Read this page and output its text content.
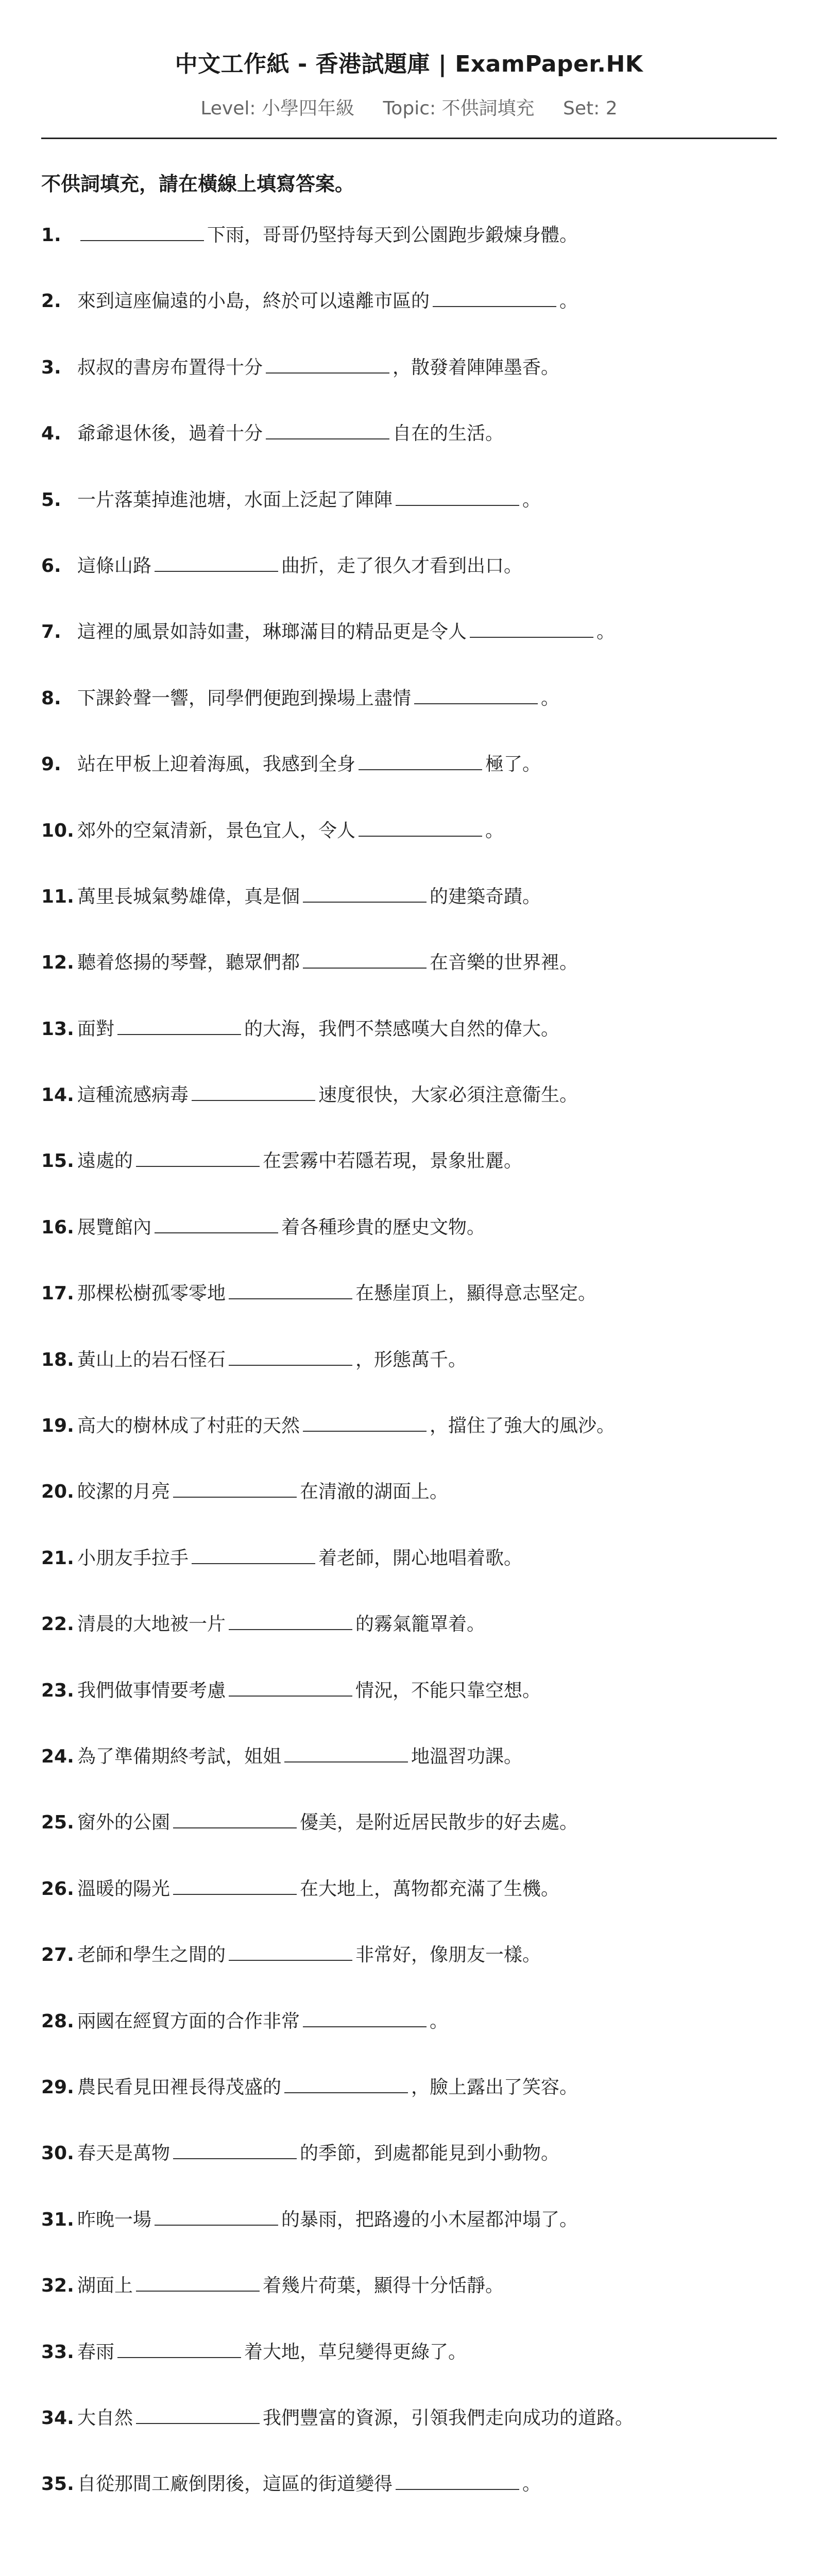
中文工作紙 - 香港試題庫 | ExamPaper.HK
Level: 小學四年級 Topic: 不供詞填充 Set: 2
不供詞填充，請在橫線上填寫答案。
1.	下雨，哥哥仍堅持每天到公園跑步鍛煉身體。
2. 來到這座偏遠的小島，終於可以遠離市區的	。
3. 叔叔的書房布置得十分	，散發着陣陣墨香。
4. 爺爺退休後，過着十分	自在的生活。
5. 一片落葉掉進池塘，水面上泛起了陣陣	。
6. 這條山路	曲折，走了很久才看到出口。
7. 這裡的風景如詩如畫，琳瑯滿目的精品更是令人	。
8. 下課鈴聲一響，同學們便跑到操場上盡情	。
9. 站在甲板上迎着海風，我感到全身	極了。
10. 郊外的空氣清新，景色宜人，令人	。
11. 萬里長城氣勢雄偉，真是個	的建築奇蹟。
12. 聽着悠揚的琴聲，聽眾們都	在音樂的世界裡。
13. 面對	的大海，我們不禁感嘆大自然的偉大。
14. 這種流感病毒	速度很快，大家必須注意衞生。
15. 遠處的	在雲霧中若隱若現，景象壯麗。
16. 展覽館內	着各種珍貴的歷史文物。
17. 那棵松樹孤零零地	在懸崖頂上，顯得意志堅定。
18. 黃山上的岩石怪石	，形態萬千。
19. 高大的樹林成了村莊的天然	，擋住了強大的風沙。
20. 皎潔的月亮	在清澈的湖面上。
21. 小朋友手拉手	着老師，開心地唱着歌。
22. 清晨的大地被一片	的霧氣籠罩着。
23. 我們做事情要考慮	情況，不能只靠空想。
24. 為了準備期終考試，姐姐	地溫習功課。
25. 窗外的公園	優美，是附近居民散步的好去處。
26. 溫暖的陽光	在大地上，萬物都充滿了生機。
27. 老師和學生之間的	非常好，像朋友一樣。
28. 兩國在經貿方面的合作非常	。
29. 農民看見田裡長得茂盛的	，臉上露出了笑容。
30. 春天是萬物	的季節，到處都能見到小動物。
31. 昨晚一場	的暴雨，把路邊的小木屋都沖塌了。
32. 湖面上	着幾片荷葉，顯得十分恬靜。
33. 春雨	着大地，草兒變得更綠了。
34. 大自然	我們豐富的資源，引領我們走向成功的道路。
35. 自從那間工廠倒閉後，這區的街道變得	。
